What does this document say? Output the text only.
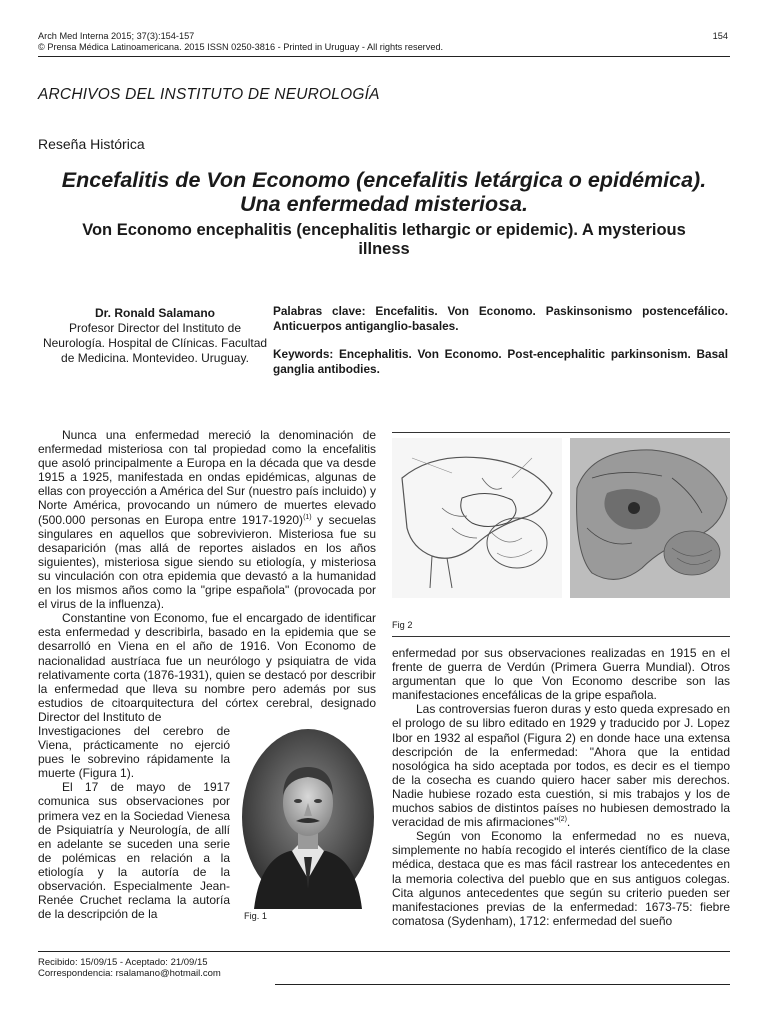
Arch Med Interna 2015; 37(3):154-157
© Prensa Médica Latinoamericana. 2015 ISSN 0250-3816 - Printed in Uruguay - All rights reserved.
154
ARCHIVOS DEL INSTITUTO DE NEUROLOGÍA
Reseña Histórica
Encefalitis de Von Economo (encefalitis letárgica o epidémica). Una enfermedad misteriosa.
Von Economo encephalitis (encephalitis lethargic or epidemic). A mysterious illness
Dr. Ronald Salamano
Profesor Director del Instituto de Neurología. Hospital de Clínicas. Facultad de Medicina. Montevideo. Uruguay.
Palabras clave: Encefalitis. Von Economo. Paskinsonismo postencefálico. Anticuerpos antiganglio-basales.
Keywords: Encephalitis. Von Economo. Post-encephalitic parkinsonism. Basal ganglia antibodies.

Nunca una enfermedad mereció la denominación de enfermedad misteriosa con tal propiedad como la encefalitis que asoló principalmente a Europa en la década que va desde 1915 a 1925, manifestada en ondas epidémicas, algunas de ellas con proyección a América del Sur (nuestro país incluido) y Norte América, provocando un número de muertes elevado (500.000 personas en Europa entre 1917-1920)$^{(1)}$ y secuelas singulares en aquellos que sobrevivieron. Misteriosa fue su desaparición (mas allá de reportes aislados en los años siguientes), misteriosa sigue siendo su etiología, y misteriosa su vinculación con otra epidemia que devastó a la humanidad en los mismos años como la "gripe española" (provocada por el virus de la influenza).

Constantine von Economo, fue el encargado de identificar esta enfermedad y describirla, basado en la epidemia que se desarrolló en Viena en el año de 1916. Von Economo de nacionalidad austríaca fue un neurólogo y psiquiatra de vida relativamente corta (1876-1931), quien se destacó por describir la enfermedad que lleva su nombre pero además por sus estudios de citoarquitectura del córtex cerebral, designado Director del Instituto de

Investigaciones del cerebro de Viena, prácticamente no ejerció pues le sobrevino rápidamente la muerte (Figura 1).

El 17 de mayo de 1917 comunica sus observaciones por primera vez en la Sociedad Vienesa de Psiquiatría y Neurología, de allí en adelante se suceden una serie de polémicas en relación a la etiología y la autoría de la observación. Especialmente Jean-Renée Cruchet reclama la autoría de la descripción de la	Fig. 1
Fig 2

enfermedad por sus observaciones realizadas en 1915 en el frente de guerra de Verdún (Primera Guerra Mundial). Otros argumentan que lo que Von Economo describe son las manifestaciones encefálicas de la gripe española.

Las controversias fueron duras y esto queda expresado en el prologo de su libro editado en 1929 y traducido por J. Lopez Ibor en 1932 al español (Figura 2) en donde hace una extensa descripción de la enfermedad: "Ahora que la entidad nosológica ha sido aceptada por todos, es decir es el tiempo de la cosecha es cuando quiero hacer saber mis derechos. Nadie hubiese rozado esta cuestión, si mis trabajos y los de muchos sabios de distintos países no hubiesen demostrado la veracidad de mis afirmaciones"$^{(2)}$.

Según von Economo la enfermedad no es nueva, simplemente no había recogido el interés científico de la clase médica, destaca que es mas fácil rastrear los antecedentes en la memoria colectiva del pueblo que en sus antiguos colegas. Cita algunos antecedentes que según su criterio pueden ser manifestaciones previas de la enfermedad: 1673-75: fiebre comatosa (Sydenham), 1712: enfermedad del sueño

Recibido: 15/09/15 - Aceptado: 21/09/15
Correspondencia: rsalamano@hotmail.com
